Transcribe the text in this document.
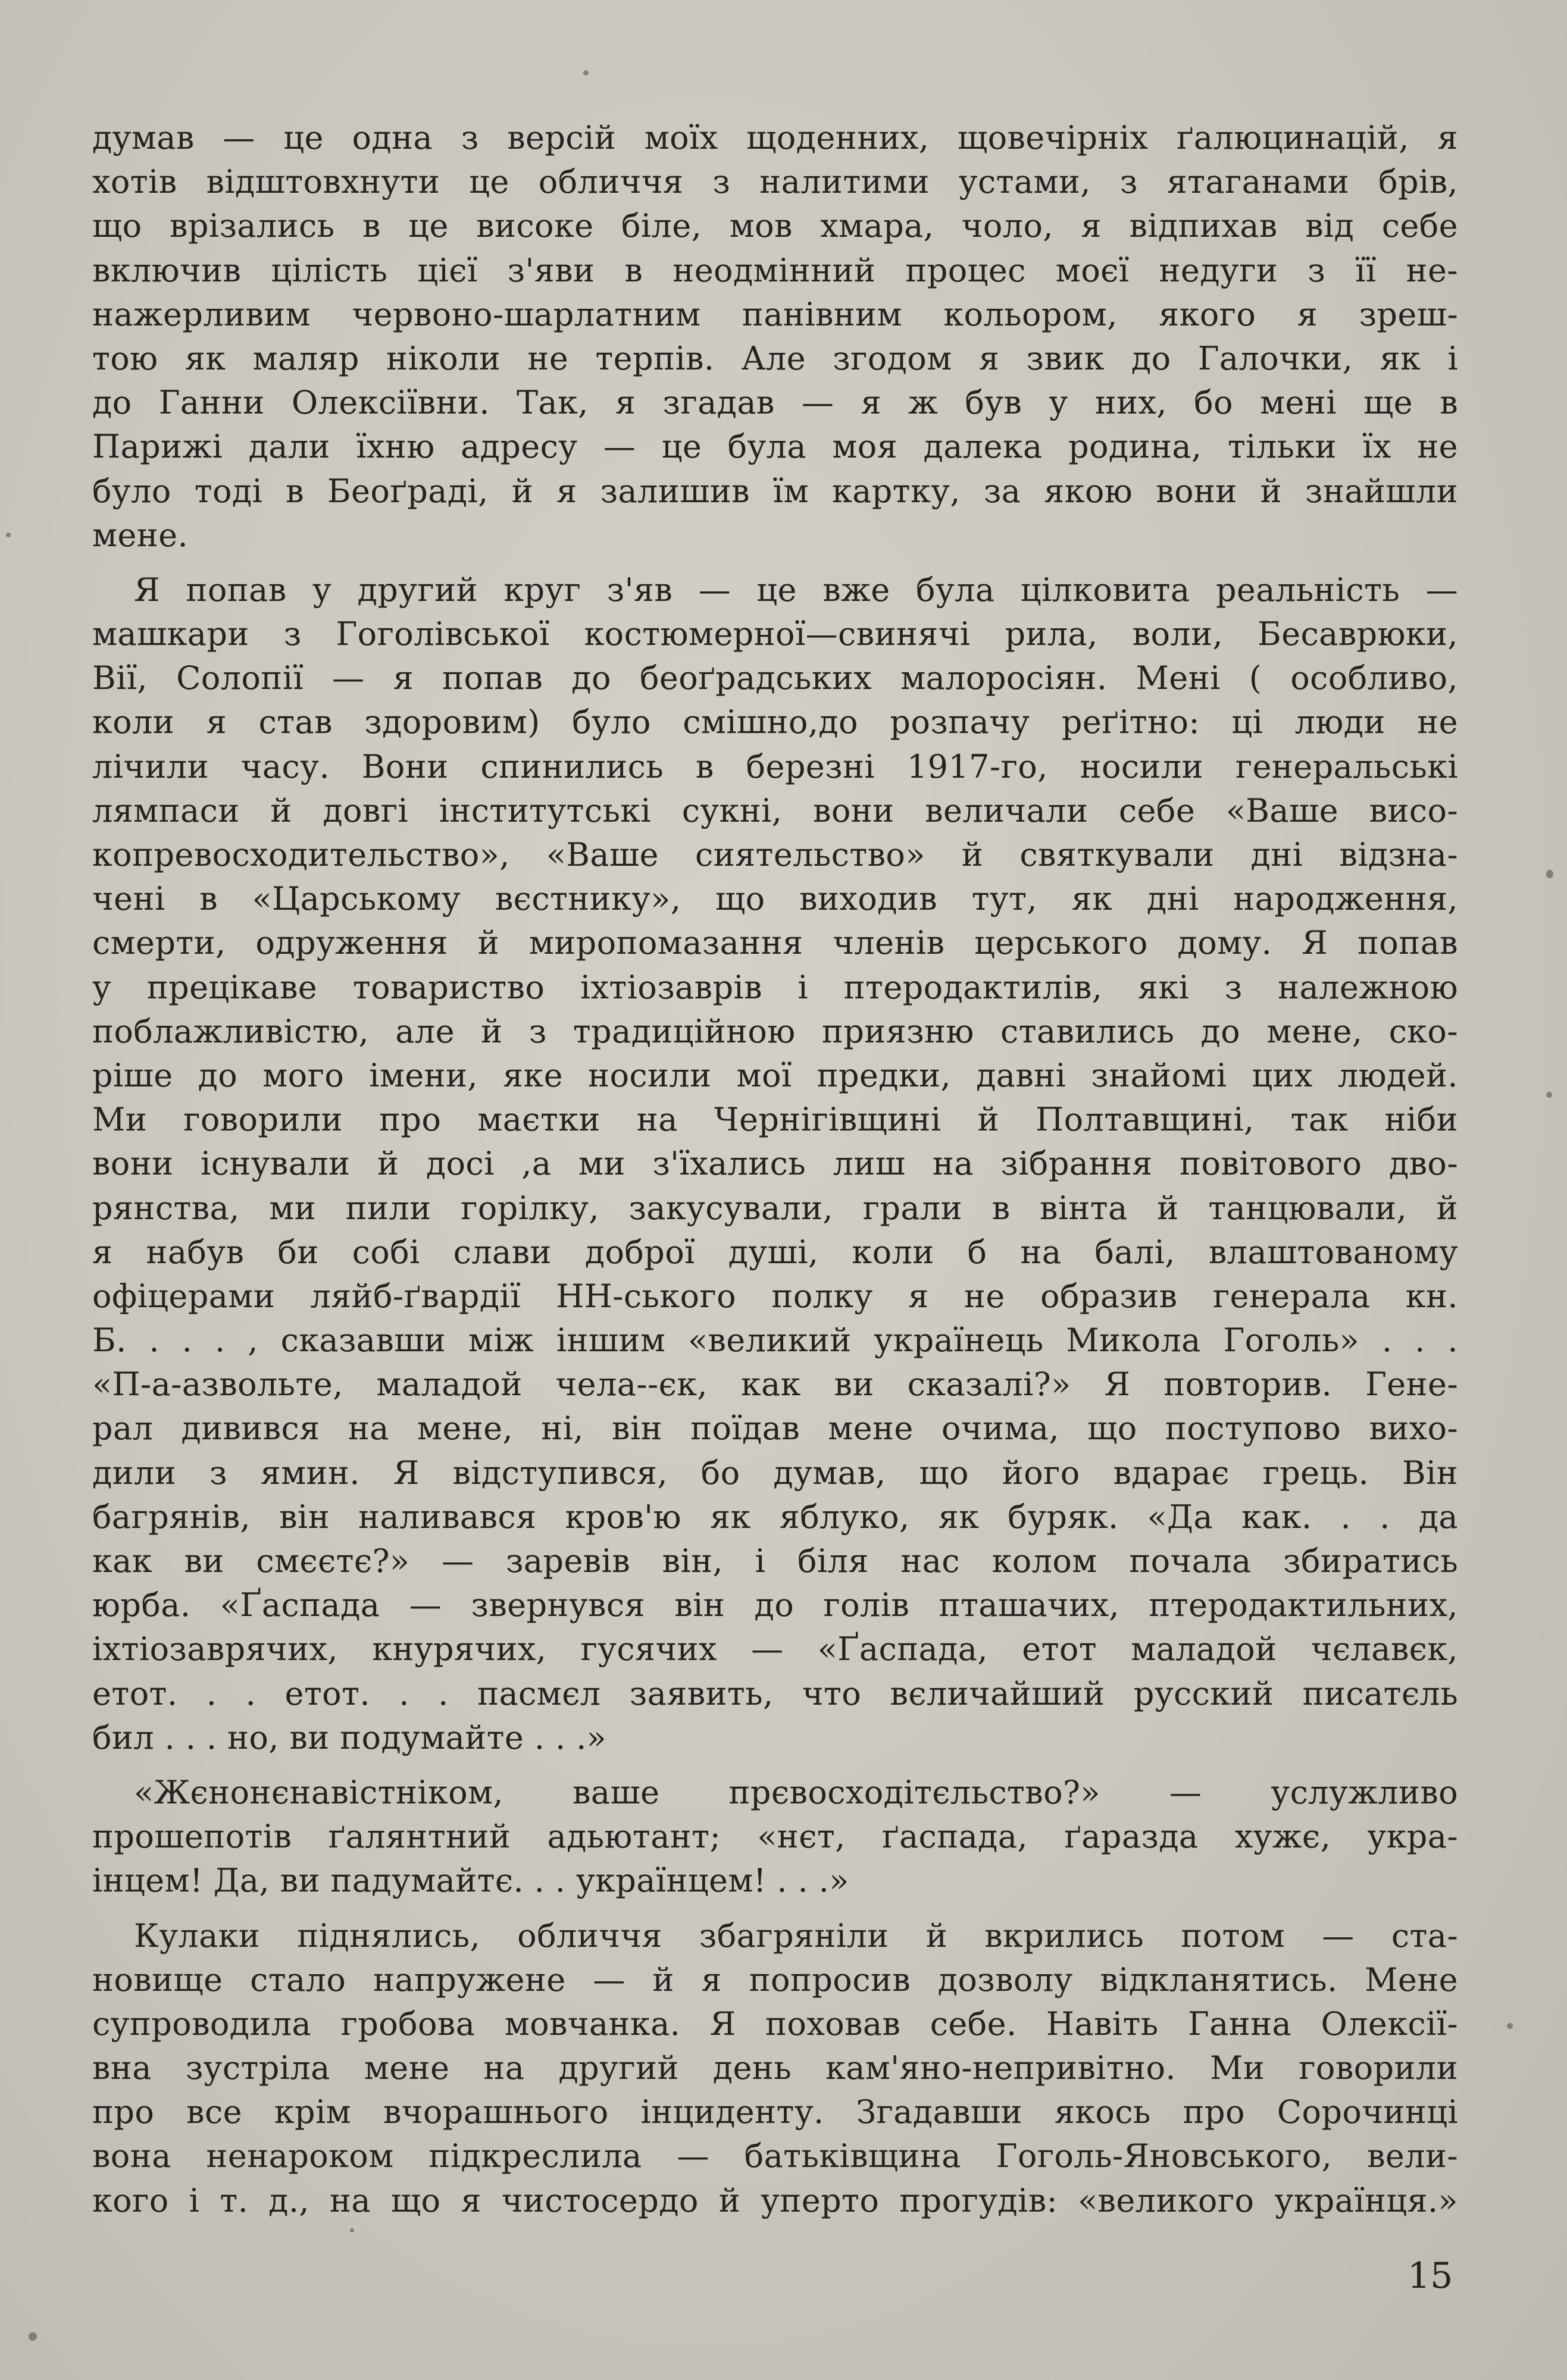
думав — це одна з версій моїх щоденних, щовечірніх ґалюцинацій, я
хотів відштовхнути це обличчя з налитими устами, з ятаганами брів,
що врізались в це високе біле, мов хмара, чоло, я відпихав від себе
включив цілість цієї з'яви в неодмінний процес моєї недуги з її не-
нажерливим червоно-шарлатним панівним кольором, якого я зреш-
тою як маляр ніколи не терпів. Але згодом я звик до Галочки, як і
до Ганни Олексіївни. Так, я згадав — я ж був у них, бо мені ще в
Парижі дали їхню адресу — це була моя далека родина, тільки їх не
було тоді в Беоґраді, й я залишив їм картку, за якою вони й знайшли
мене.
Я попав у другий круг з'яв — це вже була цілковита реальність —
машкари з Гоголівської костюмерної—свинячі рила, воли, Бесаврюки,
Вії, Солопії — я попав до беоґрадських малоросіян. Мені ( особливо,
коли я став здоровим) було смішно,до розпачу реґітно: ці люди не
лічили часу. Вони спинились в березні 1917-го, носили генеральські
лямпаси й довгі інститутські сукні, вони величали себе «Ваше висо-
копревосходительство», «Ваше сиятельство» й святкували дні відзна-
чені в «Царському вєстнику», що виходив тут, як дні народження,
смерти, одруження й миропомазання членів церського дому. Я попав
у прецікаве товариство іхтіозаврів і птеродактилів, які з належною
поблажливістю, але й з традиційною приязню ставились до мене, ско-
ріше до мого імени, яке носили мої предки, давні знайомі цих людей.
Ми говорили про маєтки на Чернігівщині й Полтавщині, так ніби
вони існували й досі ,а ми з'їхались лиш на зібрання повітового дво-
рянства, ми пили горілку, закусували, грали в вінта й танцювали, й
я набув би собі слави доброї душі, коли б на балі, влаштованому
офіцерами ляйб-ґвардії НН-ського полку я не образив генерала кн.
Б. . . . , сказавши між іншим «великий українець Микола Гоголь» . . .
«П-а-азвольте, маладой чела--єк, как ви сказалі?» Я повторив. Гене-
рал дивився на мене, ні, він поїдав мене очима, що поступово вихо-
дили з ямин. Я відступився, бо думав, що його вдарає грець. Він
багрянів, він наливався кров'ю як яблуко, як буряк. «Да как. . . да
как ви смєєтє?» — заревів він, і біля нас колом почала збиратись
юрба. «Ґаспада — звернувся він до голів пташачих, птеродактильних,
іхтіозаврячих, кнурячих, гусячих — «Ґаспада, етот маладой чєлавєк,
етот. . . етот. . . пасмєл заявить, что вєличайший русский писатєль
бил . . . но, ви подумайте . . .»
«Жєнонєнавістніком, ваше прєвосходітєльство?» — услужливо
прошепотів ґалянтний адьютант; «нєт, ґаспада, ґаразда хужє, укра-
інцем! Да, ви падумайтє. . . українцем! . . .»
Кулаки піднялись, обличчя збагряніли й вкрились потом — ста-
новище стало напружене — й я попросив дозволу відкланятись. Мене
супроводила гробова мовчанка. Я поховав себе. Навіть Ганна Олексії-
вна зустріла мене на другий день кам'яно-непривітно. Ми говорили
про все крім вчорашнього інциденту. Згадавши якось про Сорочинці
вона ненароком підкреслила — батьківщина Гоголь-Яновського, вели-
кого і т. д., на що я чистосердо й уперто прогудів: «великого українця.»
15
